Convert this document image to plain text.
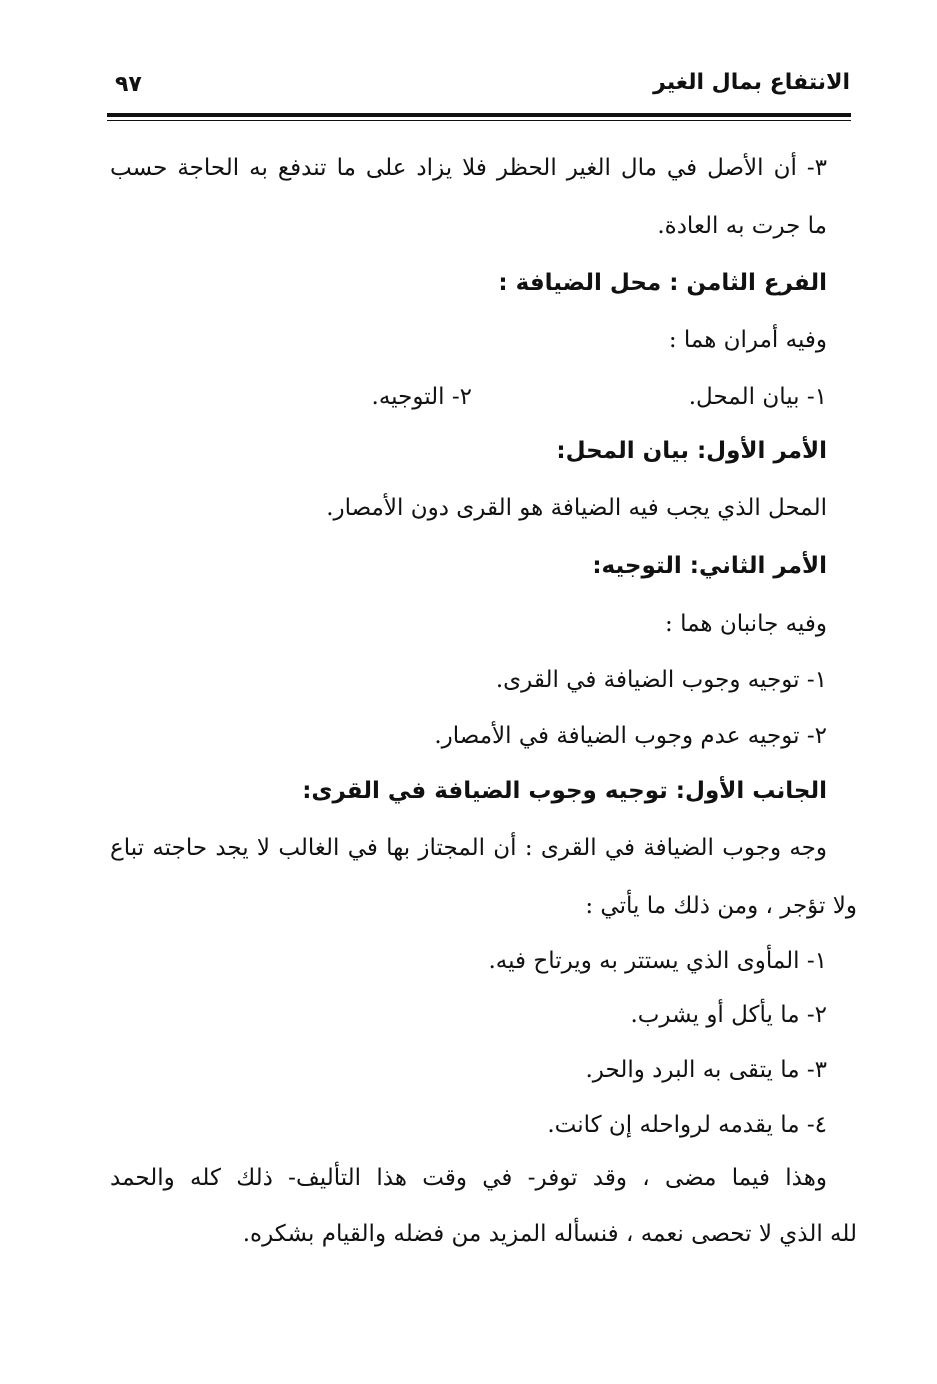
الانتفاع بمال الغير
٩٧
٣- أن الأصل في مال الغير الحظر فلا يزاد على ما تندفع به الحاجة حسب
ما جرت به العادة.
الفرع الثامن : محل الضيافة :
وفيه أمران هما :
١- بيان المحل.
٢- التوجيه.
الأمر الأول: بيان المحل:
المحل الذي يجب فيه الضيافة هو القرى دون الأمصار.
الأمر الثاني: التوجيه:
وفيه جانبان هما :
١- توجيه وجوب الضيافة في القرى.
٢- توجيه عدم وجوب الضيافة في الأمصار.
الجانب الأول: توجيه وجوب الضيافة في القرى:
وجه وجوب الضيافة في القرى : أن المجتاز بها في الغالب لا يجد حاجته تباع
ولا تؤجر ، ومن ذلك ما يأتي :
١- المأوى الذي يستتر به ويرتاح فيه.
٢- ما يأكل أو يشرب.
٣- ما يتقى به البرد والحر.
٤- ما يقدمه لرواحله إن كانت.
وهذا فيما مضى ، وقد توفر- في وقت هذا التأليف- ذلك كله والحمد
لله الذي لا تحصى نعمه ، فنسأله المزيد من فضله والقيام بشكره.
